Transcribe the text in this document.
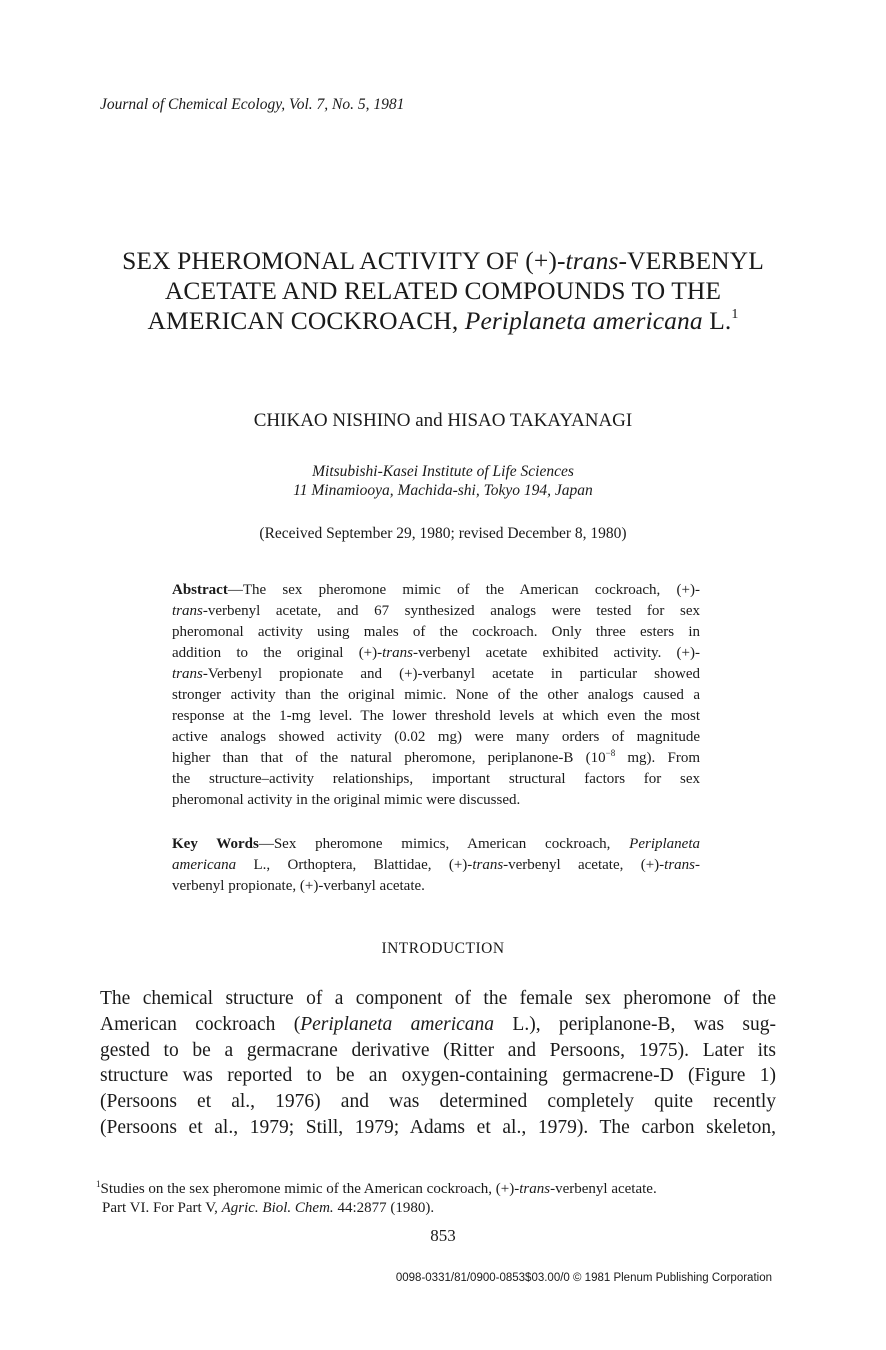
Journal of Chemical Ecology, Vol. 7, No. 5, 1981
SEX PHEROMONAL ACTIVITY OF (+)-trans-VERBENYL
ACETATE AND RELATED COMPOUNDS TO THE
AMERICAN COCKROACH, Periplaneta americana L.$^1$
CHIKAO NISHINO and HISAO TAKAYANAGI
Mitsubishi-Kasei Institute of Life Sciences
11 Minamiooya, Machida-shi, Tokyo 194, Japan
(Received September 29, 1980; revised December 8, 1980)
Abstract—The sex pheromone mimic of the American cockroach, (+)-
trans-verbenyl acetate, and 67 synthesized analogs were tested for sex
pheromonal activity using males of the cockroach. Only three esters in
addition to the original (+)-trans-verbenyl acetate exhibited activity. (+)-
trans-Verbenyl propionate and (+)-verbanyl acetate in particular showed
stronger activity than the original mimic. None of the other analogs caused a
response at the 1-mg level. The lower threshold levels at which even the most
active analogs showed activity (0.02 mg) were many orders of magnitude
higher than that of the natural pheromone, periplanone-B ($10^{-8}$ mg). From
the structure–activity relationships, important structural factors for sex
pheromonal activity in the original mimic were discussed.
Key Words—Sex pheromone mimics, American cockroach, Periplaneta
americana L., Orthoptera, Blattidae, (+)-trans-verbenyl acetate, (+)-trans-
verbenyl propionate, (+)-verbanyl acetate.
INTRODUCTION
The chemical structure of a component of the female sex pheromone of the
American cockroach (Periplaneta americana L.), periplanone-B, was sug-
gested to be a germacrane derivative (Ritter and Persoons, 1975). Later its
structure was reported to be an oxygen-containing germacrene-D (Figure 1)
(Persoons et al., 1976) and was determined completely quite recently
(Persoons et al., 1979; Still, 1979; Adams et al., 1979). The carbon skeleton,
$^1$Studies on the sex pheromone mimic of the American cockroach, (+)-trans-verbenyl acetate.
Part VI. For Part V, Agric. Biol. Chem. 44:2877 (1980).
853
0098-0331/81/0900-0853$03.00/0 © 1981 Plenum Publishing Corporation
